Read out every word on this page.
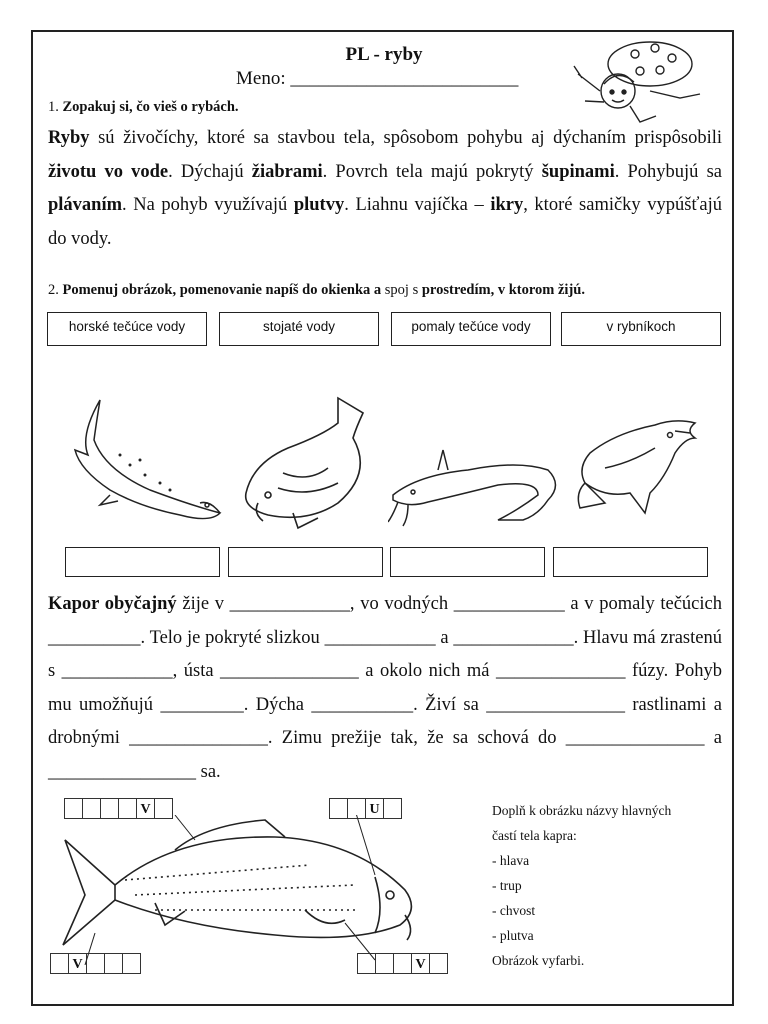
PL - ryby
Meno: ________________________
1. Zopakuj si, čo vieš o rybách.
Ryby sú živočíchy, ktoré sa stavbou tela, spôsobom pohybu aj dýchaním prispôsobili životu vo vode. Dýchajú žiabrami. Povrch tela majú pokrytý šupinami. Pohybujú sa plávaním. Na pohyb využívajú plutvy. Liahnu vajíčka – ikry, ktoré samičky vypúšťajú do vody.
2. Pomenuj obrázok, pomenovanie napíš do okienka a spoj s prostredím, v ktorom žijú.
horské tečúce vody	stojaté vody	pomaly tečúce vody	v rybníkoch
Kapor obyčajný žije v _____________, vo vodných ____________ a v pomaly tečúcich __________. Telo je pokryté slizkou ____________ a _____________. Hlavu má zrastenú s ____________, ústa _______________ a okolo nich má ______________ fúzy. Pohyb mu umožňujú _________. Dýcha ___________. Živí sa _______________ rastlinami a drobnými _______________. Zimu prežije tak, že sa schová do _______________ a ________________ sa.
V	U
V	V
Doplň k obrázku názvy hlavných
častí tela kapra:
- hlava
- trup
- chvost
- plutva
Obrázok vyfarbi.
